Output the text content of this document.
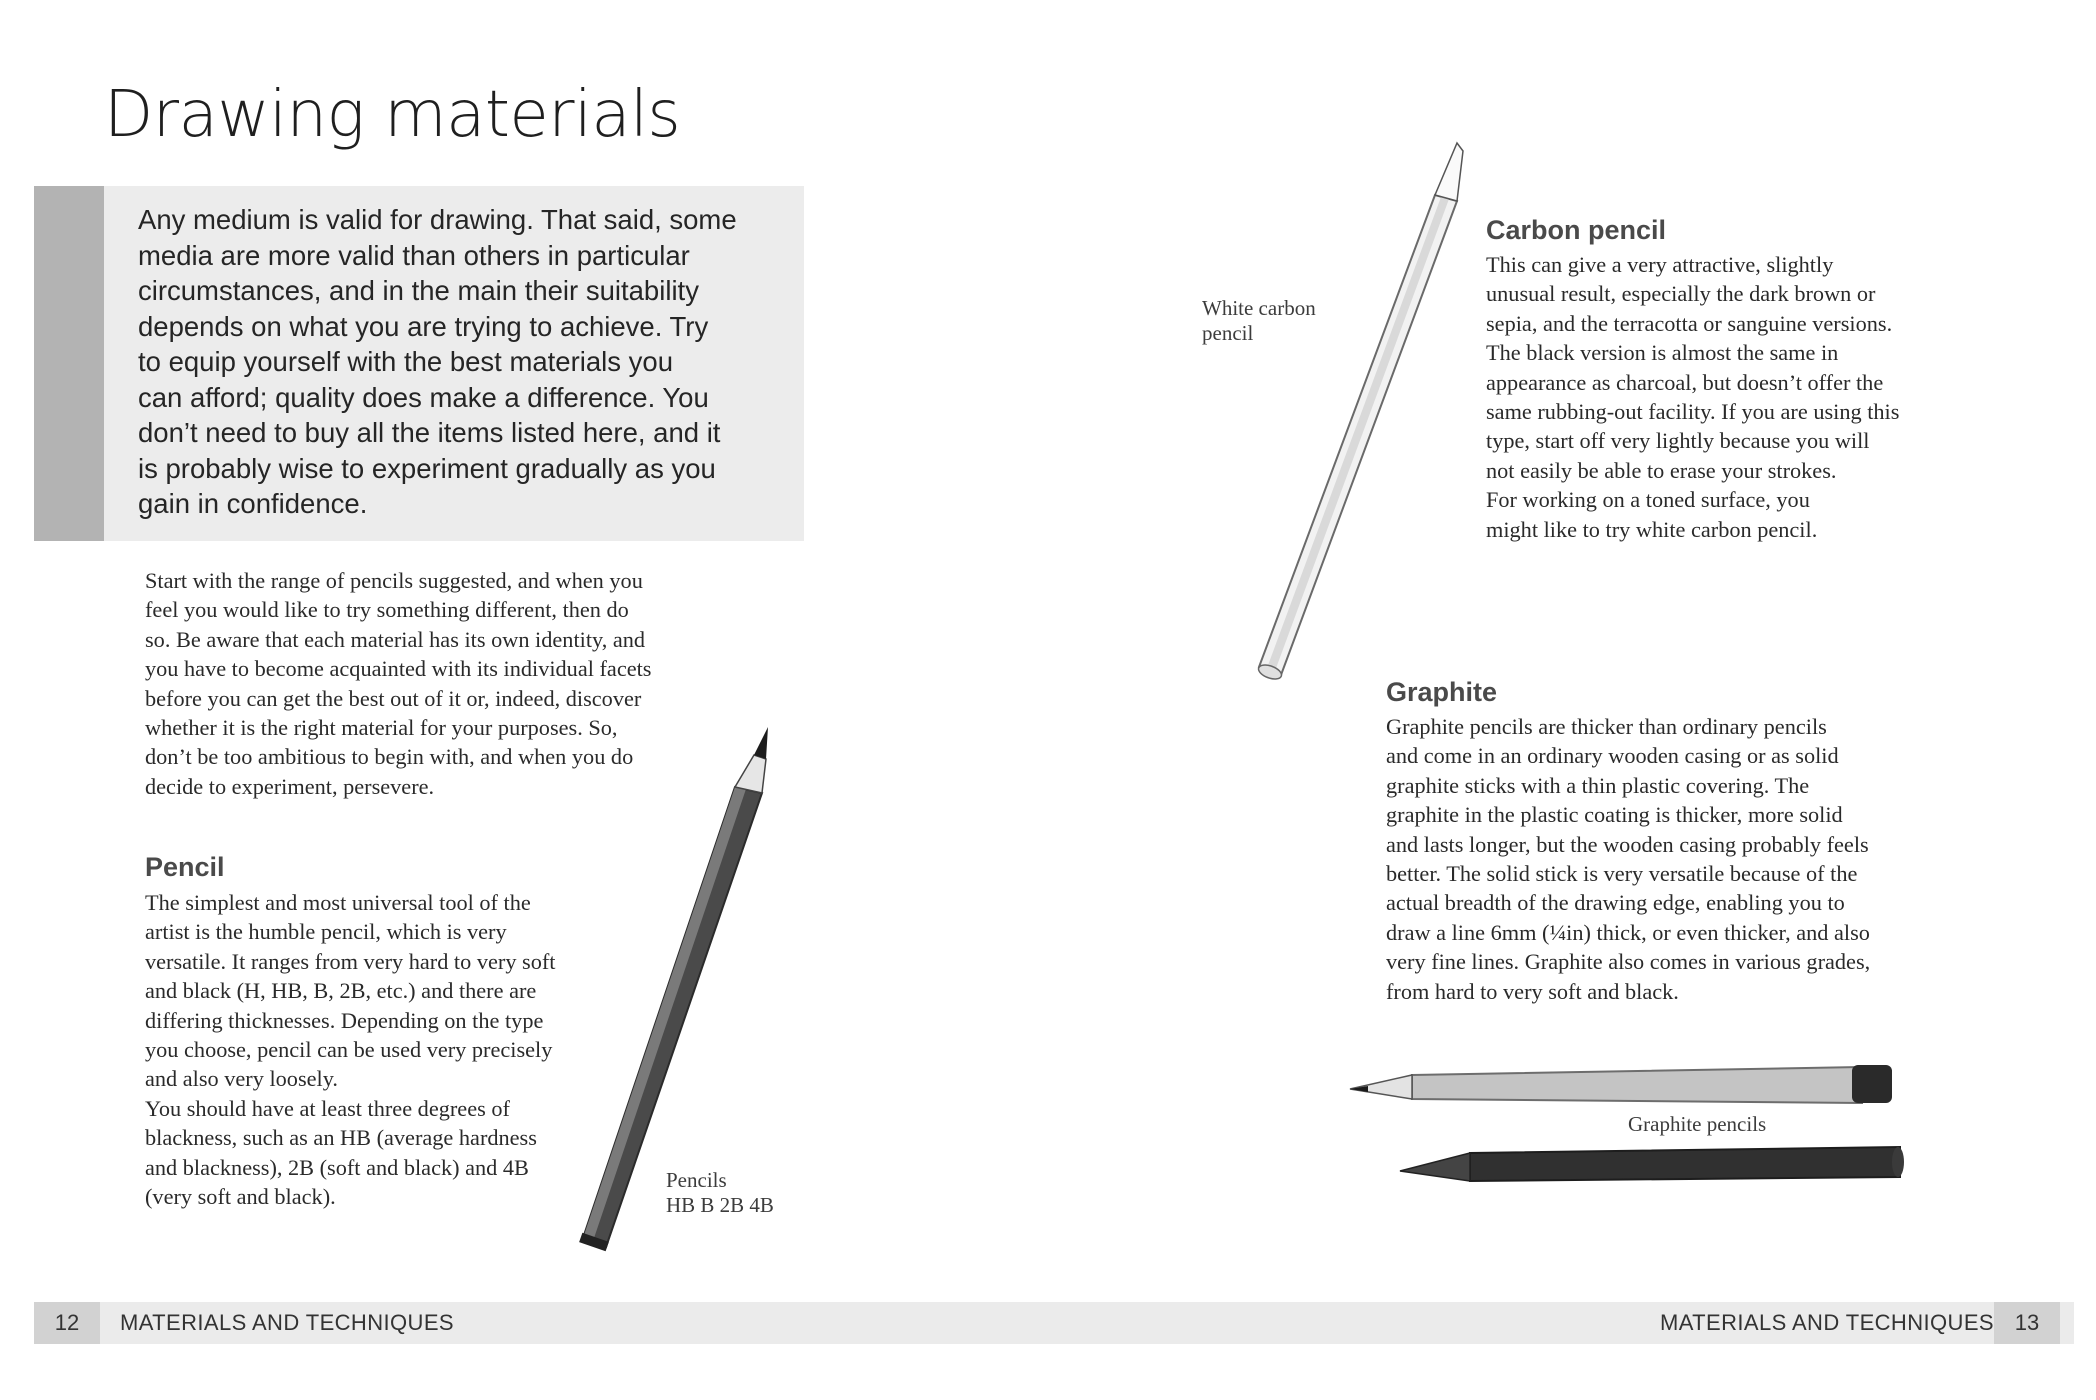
Drawing materials

Any medium is valid for drawing. That said, some
media are more valid than others in particular
circumstances, and in the main their suitability
depends on what you are trying to achieve. Try
to equip yourself with the best materials you
can afford; quality does make a difference. You
don’t need to buy all the items listed here, and it
is probably wise to experiment gradually as you
gain in confidence.

Start with the range of pencils suggested, and when you
feel you would like to try something different, then do
so. Be aware that each material has its own identity, and
you have to become acquainted with its individual facets
before you can get the best out of it or, indeed, discover
whether it is the right material for your purposes. So,
don’t be too ambitious to begin with, and when you do
decide to experiment, persevere.

Pencil

The simplest and most universal tool of the
artist is the humble pencil, which is very
versatile. It ranges from very hard to very soft
and black (H, HB, B, 2B, etc.) and there are
differing thicknesses. Depending on the type
you choose, pencil can be used very precisely
and also very loosely.
You should have at least three degrees of
blackness, such as an HB (average hardness
and blackness), 2B (soft and black) and 4B
(very soft and black).

Pencils
HB B 2B 4B

White carbon
pencil

Carbon pencil

This can give a very attractive, slightly
unusual result, especially the dark brown or
sepia, and the terracotta or sanguine versions.
The black version is almost the same in
appearance as charcoal, but doesn’t offer the
same rubbing-out facility. If you are using this
type, start off very lightly because you will
not easily be able to erase your strokes.
For working on a toned surface, you
might like to try white carbon pencil.

Graphite

Graphite pencils are thicker than ordinary pencils
and come in an ordinary wooden casing or as solid
graphite sticks with a thin plastic covering. The
graphite in the plastic coating is thicker, more solid
and lasts longer, but the wooden casing probably feels
better. The solid stick is very versatile because of the
actual breadth of the drawing edge, enabling you to
draw a line 6mm (¼in) thick, or even thicker, and also
very fine lines. Graphite also comes in various grades,
from hard to very soft and black.

Graphite pencils

12	MATERIALS AND TECHNIQUES	MATERIALS AND TECHNIQUES 13
